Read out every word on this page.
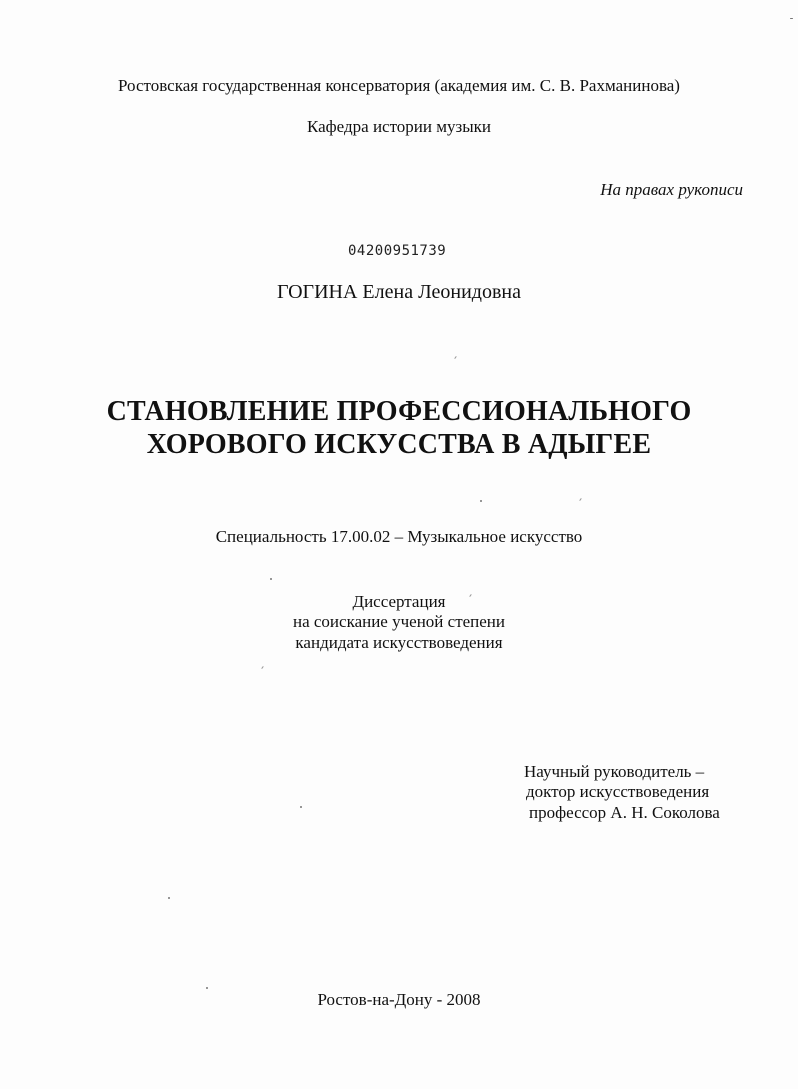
Ростовская государственная консерватория (академия им. С. В. Рахманинова)
Кафедра истории музыки
На правах рукописи
04200951739
ГОГИНА Елена Леонидовна
СТАНОВЛЕНИЕ ПРОФЕССИОНАЛЬНОГО
ХОРОВОГО ИСКУССТВА В АДЫГЕЕ
Специальность 17.00.02 – Музыкальное искусство
Диссертация
на соискание ученой степени
кандидата искусствоведения
Научный руководитель –
доктор искусствоведения
профессор А. Н. Соколова
Ростов-на-Дону - 2008
